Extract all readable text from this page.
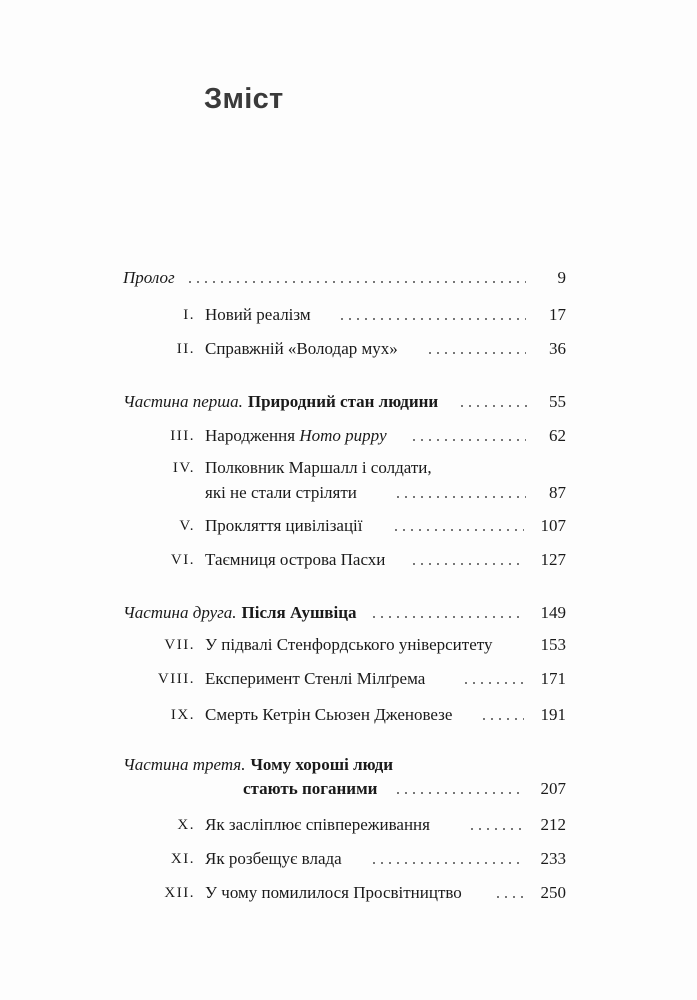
Зміст
Пролог	9
I. Новий реалізм	17
II. Справжній «Володар мух»	36
Частина перша. Природний стан людини	55
III. Народження Homo puppy	62
IV. Полковник Маршалл і солдати,
які не стали стріляти	87
V. Прокляття цивілізації	107
VI. Таємниця острова Пасхи	127
Частина друга. Після Аушвіца	149
VII. У підвалі Стенфордського університету	153
VIII. Експеримент Стенлі Мілґрема	171
IX. Смерть Кетрін Сьюзен Дженовезе	191
Частина третя. Чому хороші люди
стають поганими	207
X. Як засліплює співпереживання	212
XI. Як розбещує влада	233
XII. У чому помилилося Просвітництво	250
